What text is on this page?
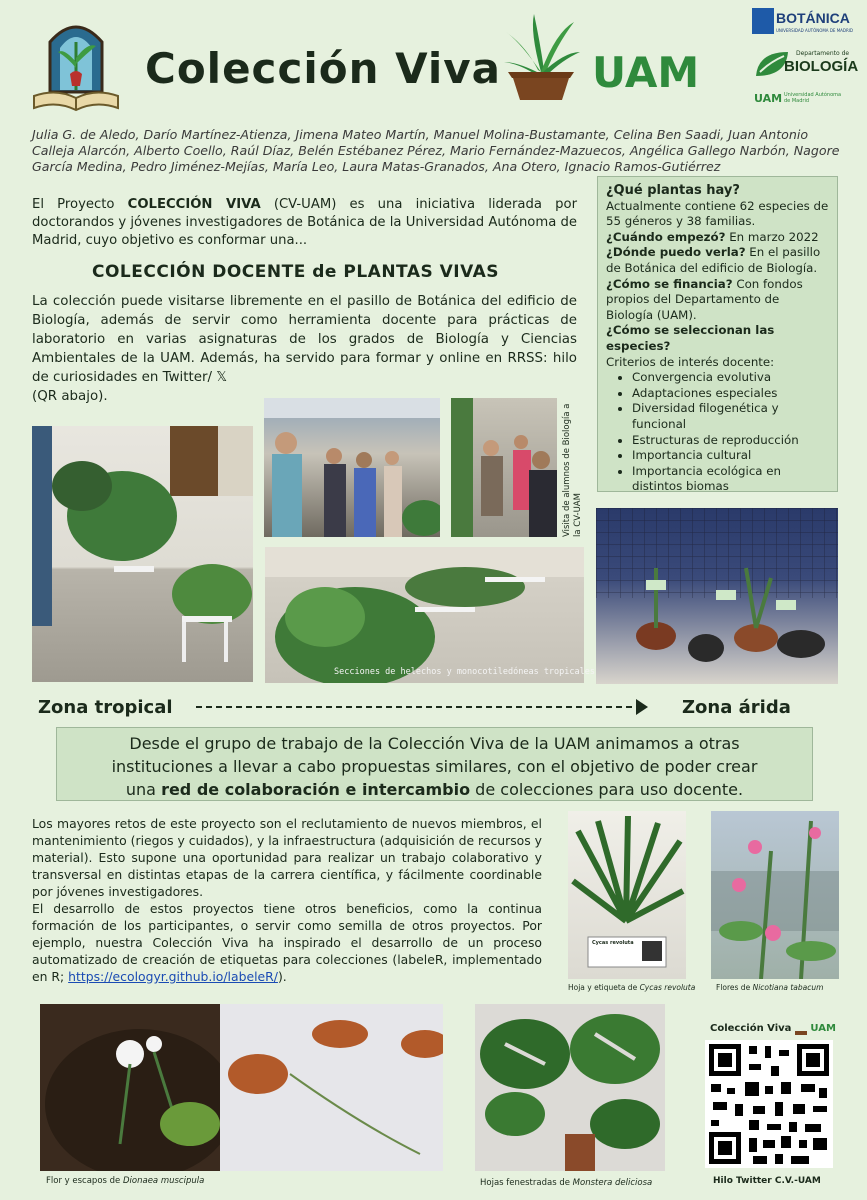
Colección Viva UAM
BOTÁNICA
UNIVERSIDAD AUTÓNOMA DE MADRID
Departamento de
BIOLOGÍA
UAM Universidad Autónoma de Madrid
Julia G. de Aledo, Darío Martínez-Atienza, Jimena Mateo Martín, Manuel Molina-Bustamante, Celina Ben Saadi, Juan Antonio Calleja Alarcón, Alberto Coello, Raúl Díaz, Belén Estébanez Pérez, Mario Fernández-Mazuecos, Angélica Gallego Narbón, Nagore García Medina, Pedro Jiménez-Mejías, María Leo, Laura Matas-Granados, Ana Otero, Ignacio Ramos-Gutiérrez
El Proyecto COLECCIÓN VIVA (CV-UAM) es una iniciativa liderada por doctorandos y jóvenes investigadores de Botánica de la Universidad Autónoma de Madrid, cuyo objetivo es conformar una...
COLECCIÓN DOCENTE de PLANTAS VIVAS
La colección puede visitarse libremente en el pasillo de Botánica del edificio de Biología, además de servir como herramienta docente para prácticas de laboratorio en varias asignaturas de los grados de Biología y Ciencias Ambientales de la UAM. Además, ha servido para formar y online en RRSS: hilo de curiosidades en Twitter/ 𝕏
(QR abajo).
¿Qué plantas hay?
Actualmente contiene 62 especies de 55 géneros y 38 familias.
¿Cuándo empezó? En marzo 2022
¿Dónde puedo verla? En el pasillo de Botánica del edificio de Biología.
¿Cómo se financia? Con fondos propios del Departamento de Biología (UAM).
¿Cómo se seleccionan las especies?
Criterios de interés docente:
• Convergencia evolutiva
• Adaptaciones especiales
• Diversidad filogenética y funcional
• Estructuras de reproducción
• Importancia cultural
• Importancia ecológica en distintos biomas
Visita de alumnos de Biología a la CV-UAM
Secciones de helechos y monocotiledóneas tropicales
Zona tropical	Zona árida
Desde el grupo de trabajo de la Colección Viva de la UAM animamos a otras
instituciones a llevar a cabo propuestas similares, con el objetivo de poder crear
una red de colaboración e intercambio de colecciones para uso docente.
Los mayores retos de este proyecto son el reclutamiento de nuevos miembros, el mantenimiento (riegos y cuidados), y la infraestructura (adquisición de recursos y material). Esto supone una oportunidad para realizar un trabajo colaborativo y transversal en distintas etapas de la carrera científica, y fácilmente coordinable por jóvenes investigadores.
El desarrollo de estos proyectos tiene otros beneficios, como la continua formación de los participantes, o servir como semilla de otros proyectos. Por ejemplo, nuestra Colección Viva ha inspirado el desarrollo de un proceso automatizado de creación de etiquetas para colecciones (labeleR, implementado en R; https://ecologyr.github.io/labeleR/).
Cycas revoluta
Hoja y etiqueta de Cycas revoluta	Flores de Nicotiana tabacum
Flor y escapos de Dionaea muscipula	Hojas fenestradas de Monstera deliciosa
Colección Viva UAM
Hilo Twitter C.V.-UAM
